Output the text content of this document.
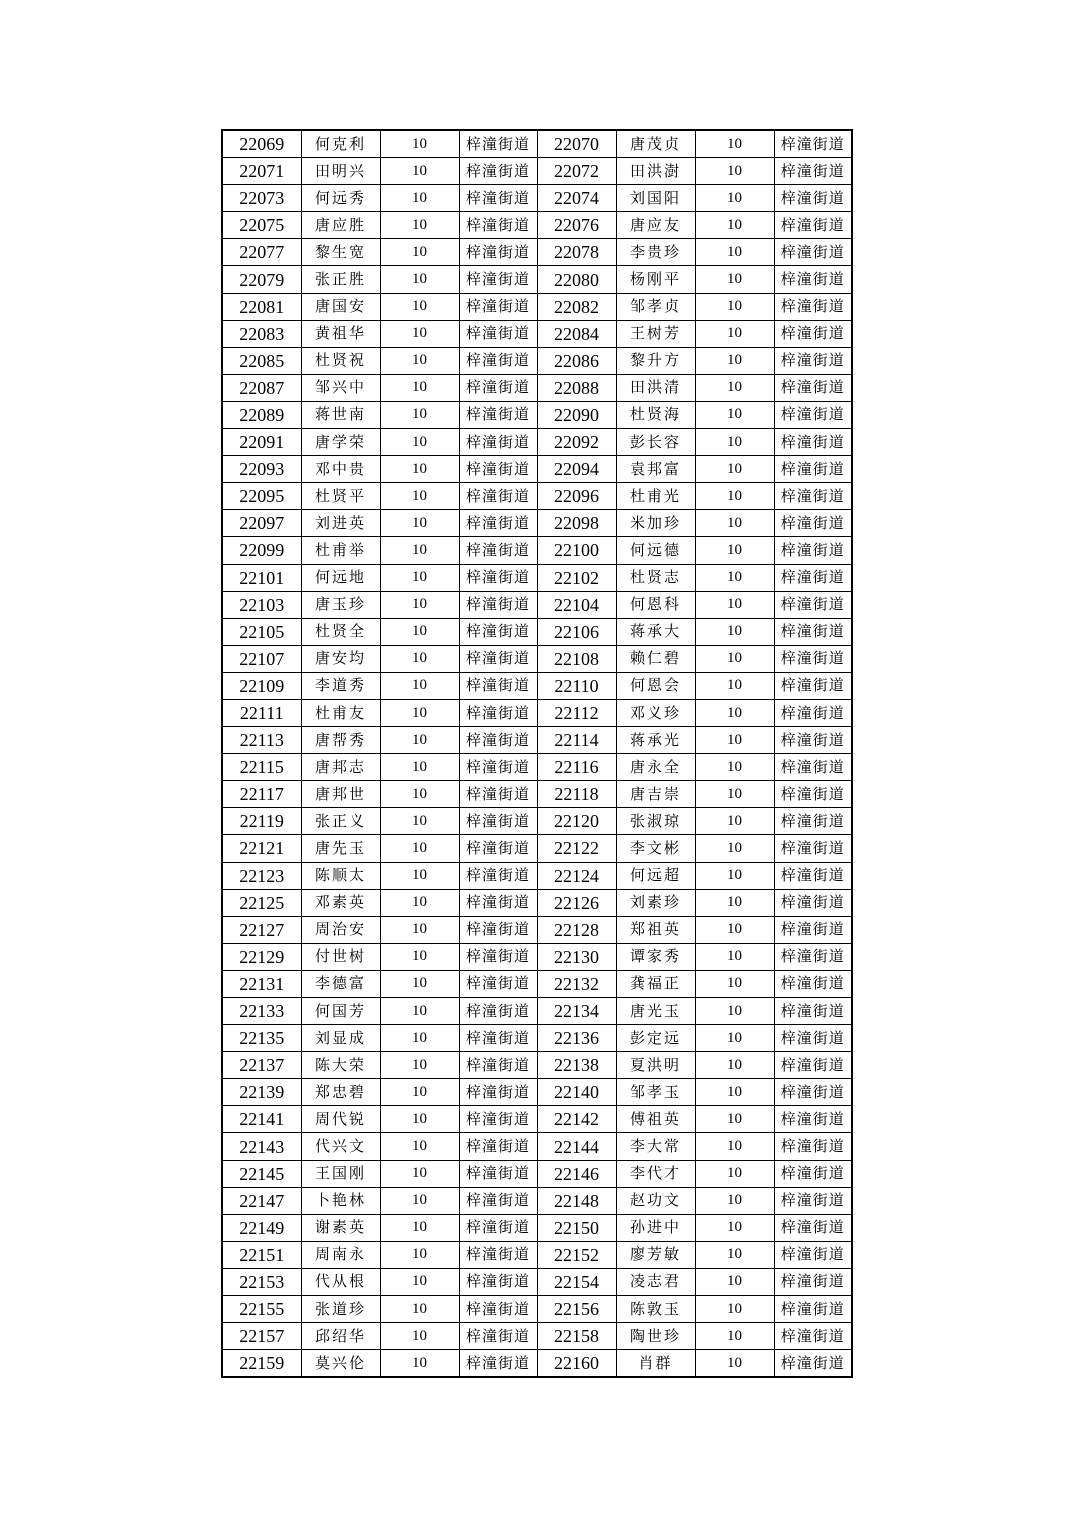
22069	何克利	10	梓潼街道	22070	唐茂贞	10	梓潼街道
22071	田明兴	10	梓潼街道	22072	田洪澍	10	梓潼街道
22073	何远秀	10	梓潼街道	22074	刘国阳	10	梓潼街道
22075	唐应胜	10	梓潼街道	22076	唐应友	10	梓潼街道
22077	黎生宽	10	梓潼街道	22078	李贵珍	10	梓潼街道
22079	张正胜	10	梓潼街道	22080	杨刚平	10	梓潼街道
22081	唐国安	10	梓潼街道	22082	邹孝贞	10	梓潼街道
22083	黄祖华	10	梓潼街道	22084	王树芳	10	梓潼街道
22085	杜贤祝	10	梓潼街道	22086	黎升方	10	梓潼街道
22087	邹兴中	10	梓潼街道	22088	田洪清	10	梓潼街道
22089	蒋世南	10	梓潼街道	22090	杜贤海	10	梓潼街道
22091	唐学荣	10	梓潼街道	22092	彭长容	10	梓潼街道
22093	邓中贵	10	梓潼街道	22094	袁邦富	10	梓潼街道
22095	杜贤平	10	梓潼街道	22096	杜甫光	10	梓潼街道
22097	刘进英	10	梓潼街道	22098	米加珍	10	梓潼街道
22099	杜甫举	10	梓潼街道	22100	何远德	10	梓潼街道
22101	何远地	10	梓潼街道	22102	杜贤志	10	梓潼街道
22103	唐玉珍	10	梓潼街道	22104	何恩科	10	梓潼街道
22105	杜贤全	10	梓潼街道	22106	蒋承大	10	梓潼街道
22107	唐安均	10	梓潼街道	22108	赖仁碧	10	梓潼街道
22109	李道秀	10	梓潼街道	22110	何恩会	10	梓潼街道
22111	杜甫友	10	梓潼街道	22112	邓义珍	10	梓潼街道
22113	唐帮秀	10	梓潼街道	22114	蒋承光	10	梓潼街道
22115	唐邦志	10	梓潼街道	22116	唐永全	10	梓潼街道
22117	唐邦世	10	梓潼街道	22118	唐吉崇	10	梓潼街道
22119	张正义	10	梓潼街道	22120	张淑琼	10	梓潼街道
22121	唐先玉	10	梓潼街道	22122	李文彬	10	梓潼街道
22123	陈顺太	10	梓潼街道	22124	何远超	10	梓潼街道
22125	邓素英	10	梓潼街道	22126	刘素珍	10	梓潼街道
22127	周治安	10	梓潼街道	22128	郑祖英	10	梓潼街道
22129	付世树	10	梓潼街道	22130	谭家秀	10	梓潼街道
22131	李德富	10	梓潼街道	22132	龚福正	10	梓潼街道
22133	何国芳	10	梓潼街道	22134	唐光玉	10	梓潼街道
22135	刘显成	10	梓潼街道	22136	彭定远	10	梓潼街道
22137	陈大荣	10	梓潼街道	22138	夏洪明	10	梓潼街道
22139	郑忠碧	10	梓潼街道	22140	邹孝玉	10	梓潼街道
22141	周代锐	10	梓潼街道	22142	傅祖英	10	梓潼街道
22143	代兴文	10	梓潼街道	22144	李大常	10	梓潼街道
22145	王国刚	10	梓潼街道	22146	李代才	10	梓潼街道
22147	卜艳林	10	梓潼街道	22148	赵功文	10	梓潼街道
22149	谢素英	10	梓潼街道	22150	孙进中	10	梓潼街道
22151	周南永	10	梓潼街道	22152	廖芳敏	10	梓潼街道
22153	代从根	10	梓潼街道	22154	凌志君	10	梓潼街道
22155	张道珍	10	梓潼街道	22156	陈敦玉	10	梓潼街道
22157	邱绍华	10	梓潼街道	22158	陶世珍	10	梓潼街道
22159	莫兴伦	10	梓潼街道	22160	肖群	10	梓潼街道
